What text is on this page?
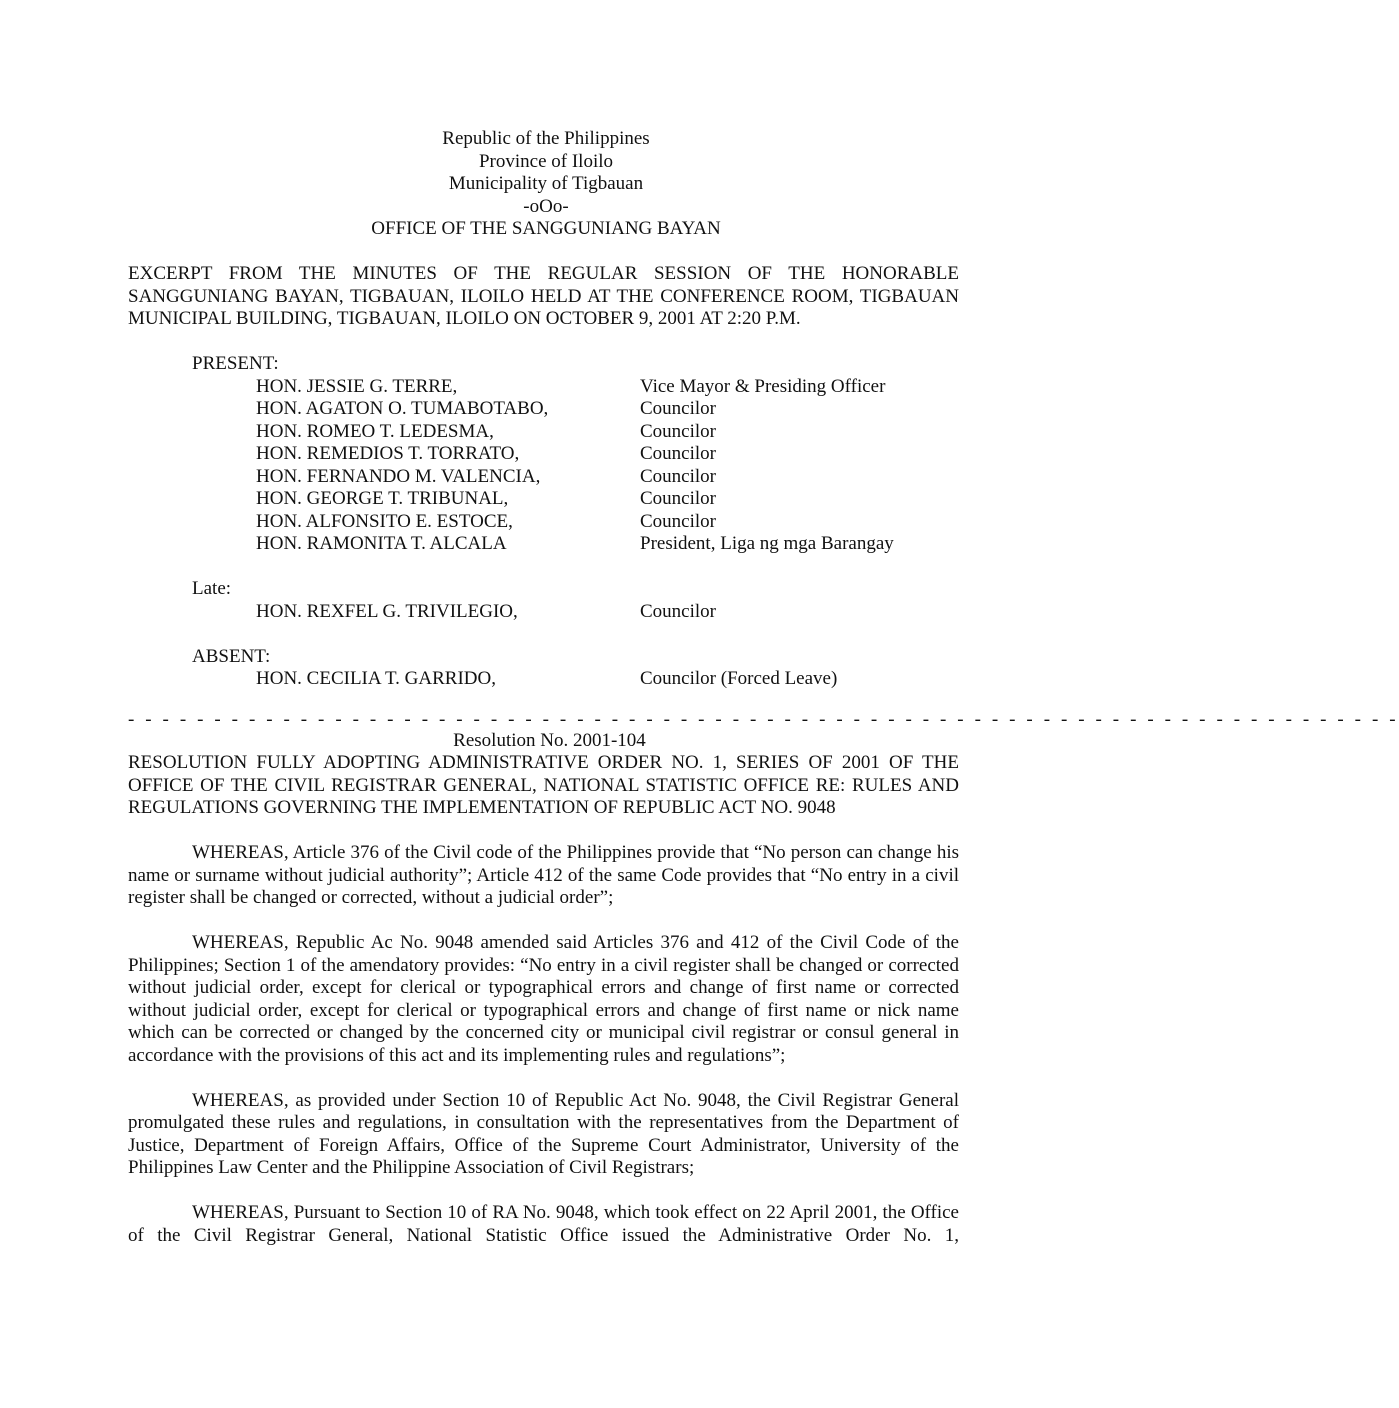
Republic of the Philippines
Province of Iloilo
Municipality of Tigbauan
-oOo-
OFFICE OF THE SANGGUNIANG BAYAN
EXCERPT FROM THE MINUTES OF THE REGULAR SESSION OF THE HONORABLE SANGGUNIANG BAYAN, TIGBAUAN, ILOILO HELD AT THE CONFERENCE ROOM, TIGBAUAN MUNICIPAL BUILDING, TIGBAUAN, ILOILO ON OCTOBER 9, 2001 AT 2:20 P.M.
PRESENT:
HON. JESSIE G. TERRE,	Vice Mayor & Presiding Officer
HON. AGATON O. TUMABOTABO,	Councilor
HON. ROMEO T. LEDESMA,	Councilor
HON. REMEDIOS T. TORRATO,	Councilor
HON. FERNANDO M. VALENCIA,	Councilor
HON. GEORGE T. TRIBUNAL,	Councilor
HON. ALFONSITO E. ESTOCE,	Councilor
HON. RAMONITA T. ALCALA	President, Liga ng mga Barangay
Late:
HON. REXFEL G. TRIVILEGIO,	Councilor
ABSENT:
HON. CECILIA T. GARRIDO,	Councilor (Forced Leave)
- - - - - - - - - - - - - - - - - - - - - - - - - - - - - - - - - - - - - - - - - - - - - - - - - - - - - - - - - - - - - - - - - - - - - - - - - -
Resolution No. 2001-104
RESOLUTION FULLY ADOPTING ADMINISTRATIVE ORDER NO. 1, SERIES OF 2001 OF THE OFFICE OF THE CIVIL REGISTRAR GENERAL, NATIONAL STATISTIC OFFICE RE: RULES AND REGULATIONS GOVERNING THE IMPLEMENTATION OF REPUBLIC ACT NO. 9048
WHEREAS, Article 376 of the Civil code of the Philippines provide that “No person can change his name or surname without judicial authority”; Article 412 of the same Code provides that “No entry in a civil register shall be changed or corrected, without a judicial order”;
WHEREAS, Republic Ac No. 9048 amended said Articles 376 and 412 of the Civil Code of the Philippines; Section 1 of the amendatory provides: “No entry in a civil register shall be changed or corrected without judicial order, except for clerical or typographical errors and change of first name or corrected without judicial order, except for clerical or typographical errors and change of first name or nick name which can be corrected or changed by the concerned city or municipal civil registrar or consul general in accordance with the provisions of this act and its implementing rules and regulations”;
WHEREAS, as provided under Section 10 of Republic Act No. 9048, the Civil Registrar General promulgated these rules and regulations, in consultation with the representatives from the Department of Justice, Department of Foreign Affairs, Office of the Supreme Court Administrator, University of the Philippines Law Center and the Philippine Association of Civil Registrars;
WHEREAS, Pursuant to Section 10 of RA No. 9048, which took effect on 22 April 2001, the Office of the Civil Registrar General, National Statistic Office issued the Administrative Order No. 1,
